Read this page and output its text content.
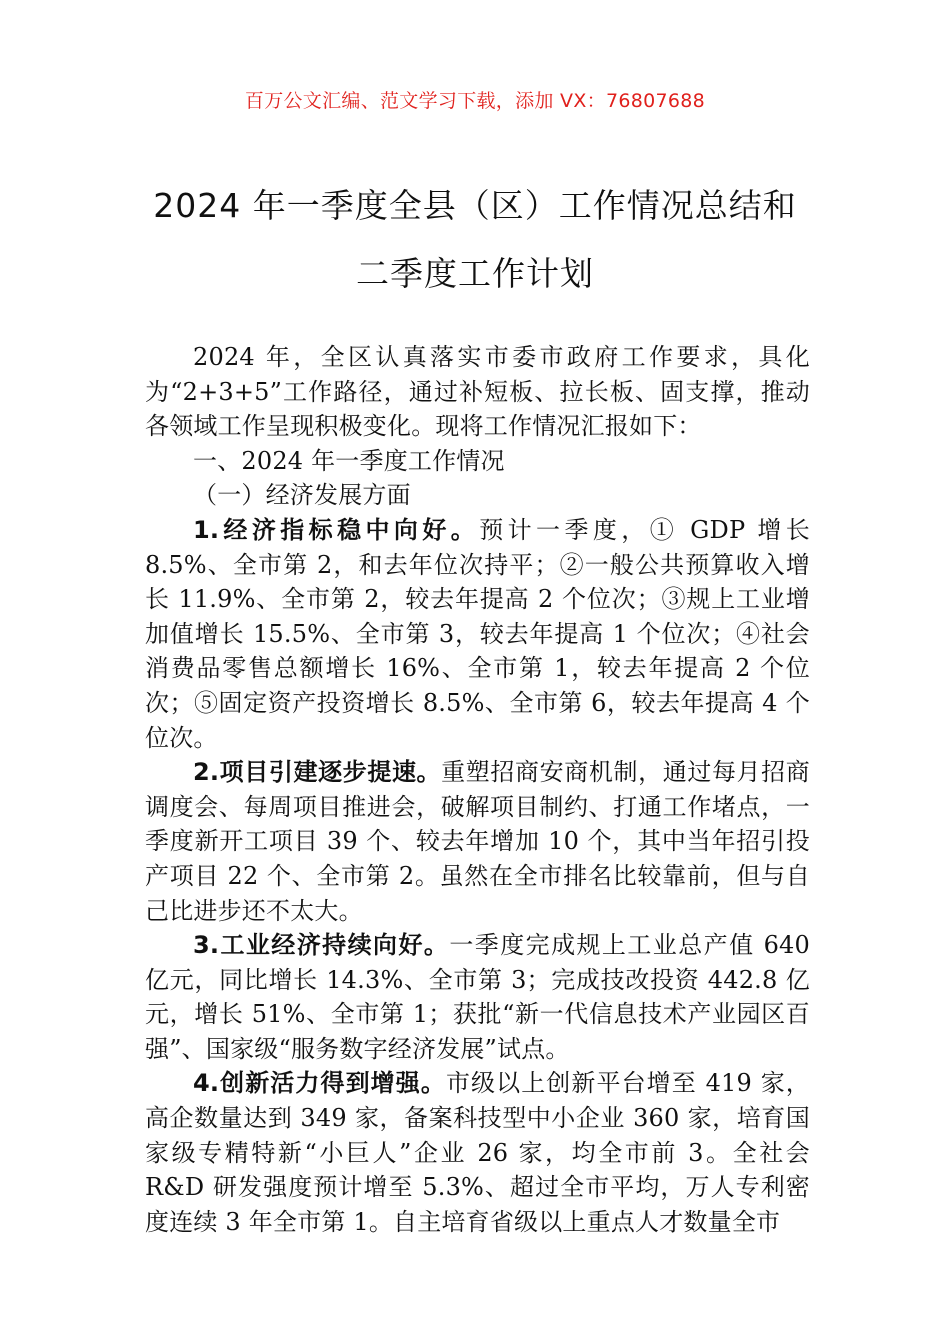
百万公文汇编、范文学习下载，添加 VX：76807688
2024 年一季度全县（区）工作情况总结和
二季度工作计划

2024 年，全区认真落实市委市政府工作要求，具化为“2+3+5”工作路径，通过补短板、拉长板、固支撑，推动各领域工作呈现积极变化。现将工作情况汇报如下：

一、2024 年一季度工作情况

（一）经济发展方面

1.经济指标稳中向好。预计一季度，① GDP 增长 8.5%、全市第 2，和去年位次持平；②一般公共预算收入增长 11.9%、全市第 2，较去年提高 2 个位次；③规上工业增加值增长 15.5%、全市第 3，较去年提高 1 个位次；④社会消费品零售总额增长 16%、全市第 1，较去年提高 2 个位次；⑤固定资产投资增长 8.5%、全市第 6，较去年提高 4 个位次。

2.项目引建逐步提速。重塑招商安商机制，通过每月招商调度会、每周项目推进会，破解项目制约、打通工作堵点，一季度新开工项目 39 个、较去年增加 10 个，其中当年招引投产项目 22 个、全市第 2。虽然在全市排名比较靠前，但与自己比进步还不太大。

3.工业经济持续向好。一季度完成规上工业总产值 640 亿元，同比增长 14.3%、全市第 3；完成技改投资 442.8 亿元，增长 51%、全市第 1；获批“新一代信息技术产业园区百强”、国家级“服务数字经济发展”试点。

4.创新活力得到增强。市级以上创新平台增至 419 家，高企数量达到 349 家，备案科技型中小企业 360 家，培育国家级专精特新“小巨人”企业 26 家，均全市前 3。全社会 R&D 研发强度预计增至 5.3%、超过全市平均，万人专利密度连续 3 年全市第 1。自主培育省级以上重点人才数量全市
